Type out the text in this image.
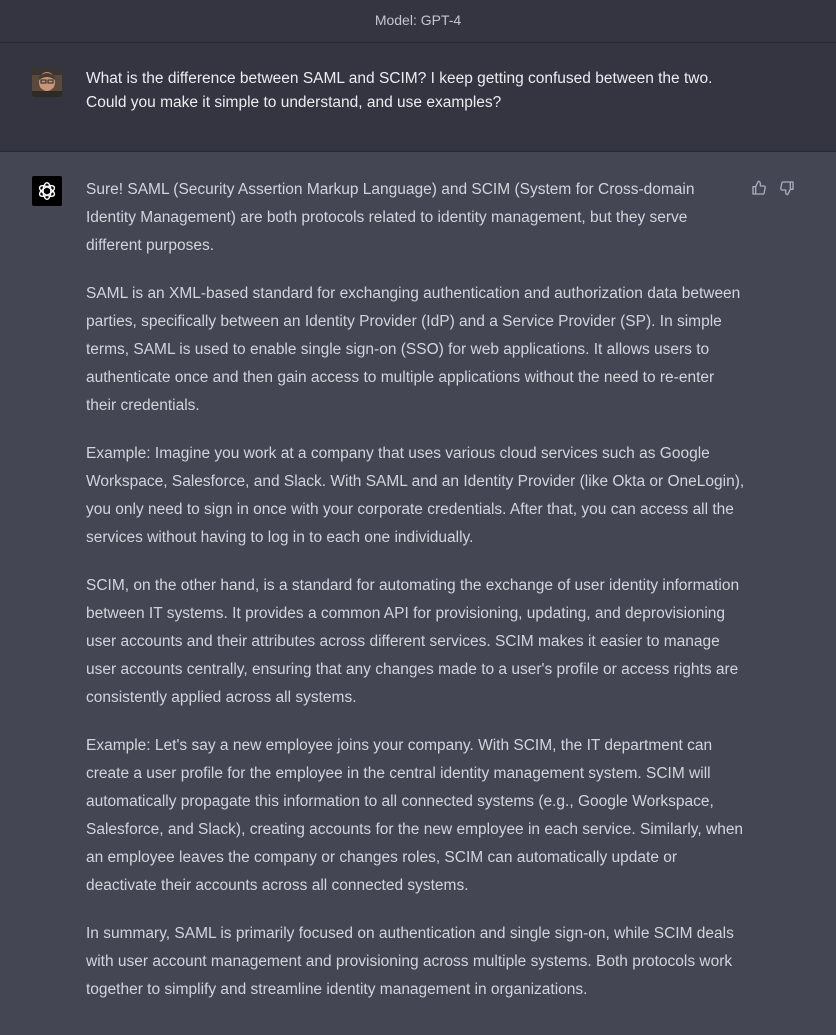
Model: GPT-4
What is the difference between SAML and SCIM? I keep getting confused between the two. Could you make it simple to understand, and use examples?

Sure! SAML (Security Assertion Markup Language) and SCIM (System for Cross-domain Identity Management) are both protocols related to identity management, but they serve different purposes.

SAML is an XML-based standard for exchanging authentication and authorization data between parties, specifically between an Identity Provider (IdP) and a Service Provider (SP). In simple terms, SAML is used to enable single sign-on (SSO) for web applications. It allows users to authenticate once and then gain access to multiple applications without the need to re-enter their credentials.

Example: Imagine you work at a company that uses various cloud services such as Google Workspace, Salesforce, and Slack. With SAML and an Identity Provider (like Okta or OneLogin), you only need to sign in once with your corporate credentials. After that, you can access all the services without having to log in to each one individually.

SCIM, on the other hand, is a standard for automating the exchange of user identity information between IT systems. It provides a common API for provisioning, updating, and deprovisioning user accounts and their attributes across different services. SCIM makes it easier to manage user accounts centrally, ensuring that any changes made to a user's profile or access rights are consistently applied across all systems.

Example: Let's say a new employee joins your company. With SCIM, the IT department can create a user profile for the employee in the central identity management system. SCIM will automatically propagate this information to all connected systems (e.g., Google Workspace, Salesforce, and Slack), creating accounts for the new employee in each service. Similarly, when an employee leaves the company or changes roles, SCIM can automatically update or deactivate their accounts across all connected systems.

In summary, SAML is primarily focused on authentication and single sign-on, while SCIM deals with user account management and provisioning across multiple systems. Both protocols work together to simplify and streamline identity management in organizations.
